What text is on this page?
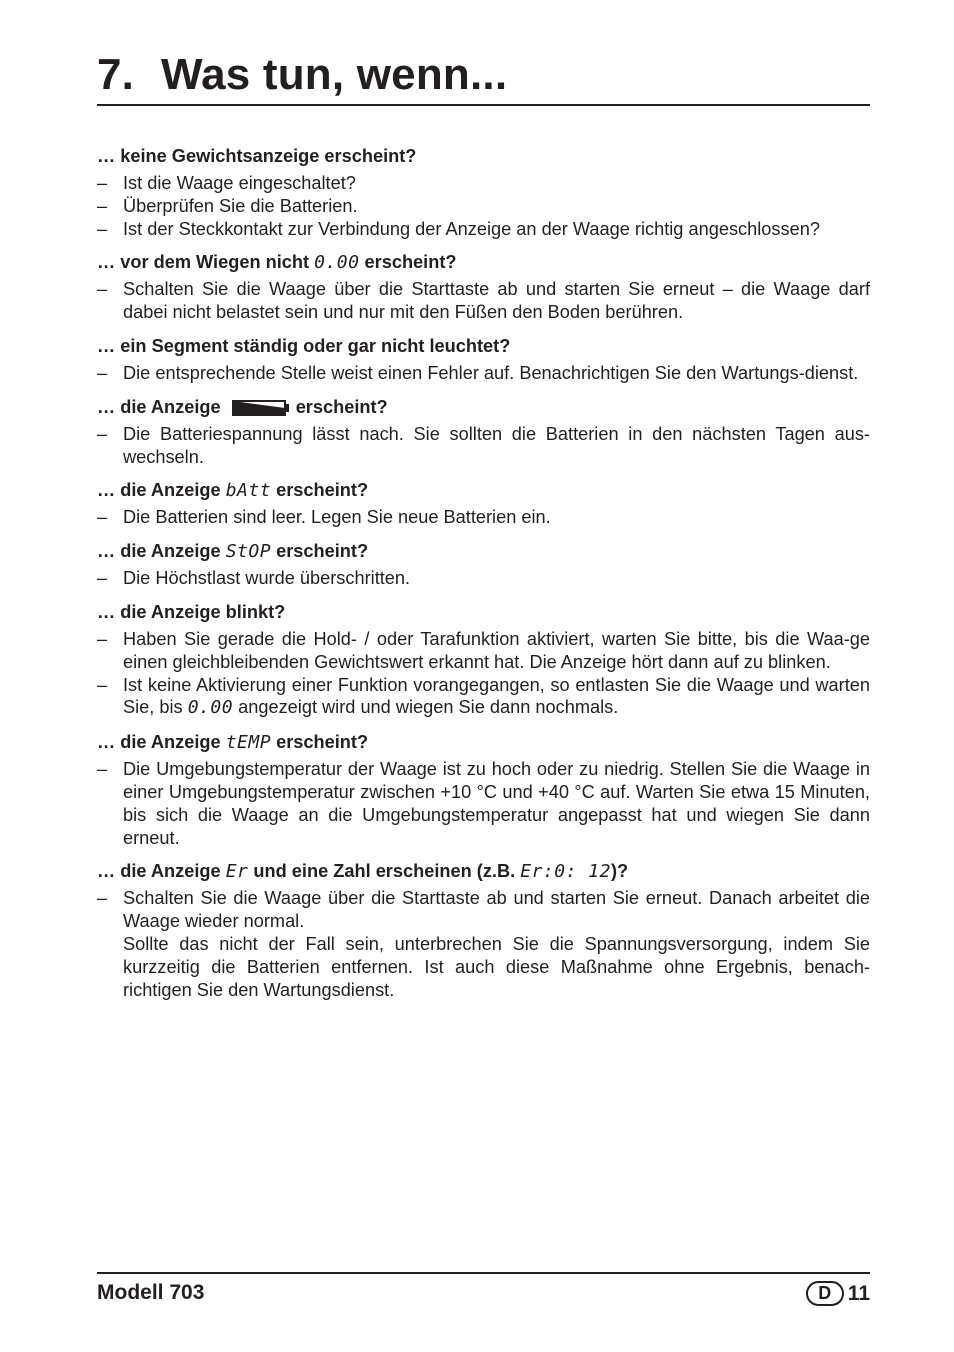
7. Was tun, wenn...

… keine Gewichtsanzeige erscheint?

– Ist die Waage eingeschaltet?

– Überprüfen Sie die Batterien.

– Ist der Steckkontakt zur Verbindung der Anzeige an der Waage richtig angeschlossen?

… vor dem Wiegen nicht 0.00 erscheint?

– Schalten Sie die Waage über die Starttaste ab und starten Sie erneut – die Waage darf dabei nicht belastet sein und nur mit den Füßen den Boden berühren.

… ein Segment ständig oder gar nicht leuchtet?

– Die entsprechende Stelle weist einen Fehler auf. Benachrichtigen Sie den Wartungs-dienst.

… die Anzeige	erscheint?

– Die Batteriespannung lässt nach. Sie sollten die Batterien in den nächsten Tagen aus-wechseln.

… die Anzeige bAtt erscheint?

– Die Batterien sind leer. Legen Sie neue Batterien ein.

… die Anzeige StOP erscheint?

– Die Höchstlast wurde überschritten.

… die Anzeige blinkt?

– Haben Sie gerade die Hold- / oder Tarafunktion aktiviert, warten Sie bitte, bis die Waa-ge einen gleichbleibenden Gewichtswert erkannt hat. Die Anzeige hört dann auf zu blinken.

– Ist keine Aktivierung einer Funktion vorangegangen, so entlasten Sie die Waage und warten Sie, bis 0.00 angezeigt wird und wiegen Sie dann nochmals.

… die Anzeige tEMP erscheint?

– Die Umgebungstemperatur der Waage ist zu hoch oder zu niedrig. Stellen Sie die Waage in einer Umgebungstemperatur zwischen +10 °C und +40 °C auf. Warten Sie etwa 15 Minuten, bis sich die Waage an die Umgebungstemperatur angepasst hat und wiegen Sie dann erneut.

… die Anzeige Er und eine Zahl erscheinen (z.B. Er:0: 12)?

– Schalten Sie die Waage über die Starttaste ab und starten Sie erneut. Danach arbeitet die Waage wieder normal.

Sollte das nicht der Fall sein, unterbrechen Sie die Spannungsversorgung, indem Sie kurzzeitig die Batterien entfernen. Ist auch diese Maßnahme ohne Ergebnis, benach-richtigen Sie den Wartungsdienst.

Modell 703	D 11
